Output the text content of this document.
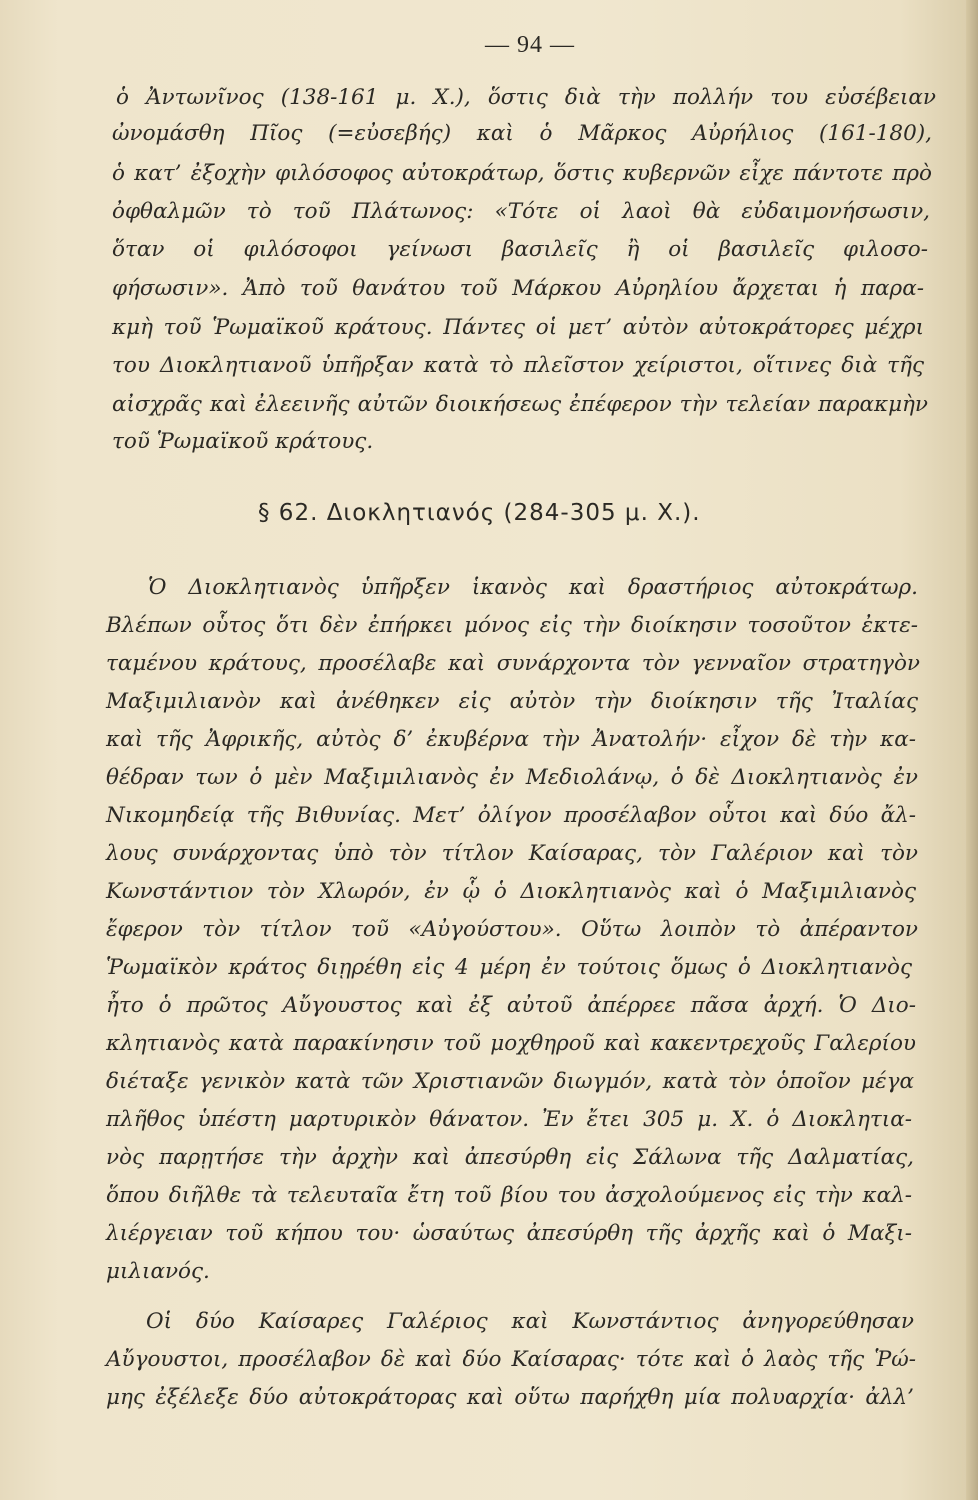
— 94 —
ὁ Ἀντωνῖνος (138-161 μ. Χ.), ὅστις διὰ τὴν πολλήν του εὐσέβειαν
ὠνομάσθη Πῖος (=εὐσεβής) καὶ ὁ Μᾶρκος Αὐρήλιος (161-180),
ὁ κατ’ ἐξοχὴν φιλόσοφος αὐτοκράτωρ, ὅστις κυβερνῶν εἶχε πάντοτε πρὸ
ὀφθαλμῶν τὸ τοῦ Πλάτωνος: «Τότε οἱ λαοὶ θὰ εὐδαιμονήσωσιν,
ὅταν οἱ φιλόσοφοι γείνωσι βασιλεῖς ἢ οἱ βασιλεῖς φιλοσο-
φήσωσιν». Ἀπὸ τοῦ θανάτου τοῦ Μάρκου Αὐρηλίου ἄρχεται ἡ παρα-
κμὴ τοῦ Ῥωμαϊκοῦ κράτους. Πάντες οἱ μετ’ αὐτὸν αὐτοκράτορες μέχρι
του Διοκλητιανοῦ ὑπῆρξαν κατὰ τὸ πλεῖστον χείριστοι, οἵτινες διὰ τῆς
αἰσχρᾶς καὶ ἐλεεινῆς αὐτῶν διοικήσεως ἐπέφερον τὴν τελείαν παρακμὴν
τοῦ Ῥωμαϊκοῦ κράτους.
§ 62. Διοκλητιανός (284-305 μ. Χ.).
Ὁ Διοκλητιανὸς ὑπῆρξεν ἱκανὸς καὶ δραστήριος αὐτοκράτωρ.
Βλέπων οὗτος ὅτι δὲν ἐπήρκει μόνος εἰς τὴν διοίκησιν τοσοῦτον ἐκτε-
ταμένου κράτους, προσέλαβε καὶ συνάρχοντα τὸν γενναῖον στρατηγὸν
Μαξιμιλιανὸν καὶ ἀνέθηκεν εἰς αὐτὸν τὴν διοίκησιν τῆς Ἰταλίας
καὶ τῆς Ἀφρικῆς, αὐτὸς δ’ ἐκυβέρνα τὴν Ἀνατολήν· εἶχον δὲ τὴν κα-
θέδραν των ὁ μὲν Μαξιμιλιανὸς ἐν Μεδιολάνῳ, ὁ δὲ Διοκλητιανὸς ἐν
Νικομηδείᾳ τῆς Βιθυνίας. Μετ’ ὀλίγον προσέλαβον οὗτοι καὶ δύο ἄλ-
λους συνάρχοντας ὑπὸ τὸν τίτλον Καίσαρας, τὸν Γαλέριον καὶ τὸν
Κωνστάντιον τὸν Χλωρόν, ἐν ᾧ ὁ Διοκλητιανὸς καὶ ὁ Μαξιμιλιανὸς
ἔφερον τὸν τίτλον τοῦ «Αὐγούστου». Οὕτω λοιπὸν τὸ ἀπέραντον
Ῥωμαϊκὸν κράτος διῃρέθη εἰς 4 μέρη ἐν τούτοις ὅμως ὁ Διοκλητιανὸς
ἦτο ὁ πρῶτος Αὔγουστος καὶ ἐξ αὐτοῦ ἀπέρρεε πᾶσα ἀρχή. Ὁ Διο-
κλητιανὸς κατὰ παρακίνησιν τοῦ μοχθηροῦ καὶ κακεντρεχοῦς Γαλερίου
διέταξε γενικὸν κατὰ τῶν Χριστιανῶν διωγμόν, κατὰ τὸν ὁποῖον μέγα
πλῆθος ὑπέστη μαρτυρικὸν θάνατον. Ἐν ἔτει 305 μ. Χ. ὁ Διοκλητια-
νὸς παρῃτήσε τὴν ἀρχὴν καὶ ἀπεσύρθη εἰς Σάλωνα τῆς Δαλματίας,
ὅπου διῆλθε τὰ τελευταῖα ἔτη τοῦ βίου του ἀσχολούμενος εἰς τὴν καλ-
λιέργειαν τοῦ κήπου του· ὡσαύτως ἀπεσύρθη τῆς ἀρχῆς καὶ ὁ Μαξι-
μιλιανός.
Οἱ δύο Καίσαρες Γαλέριος καὶ Κωνστάντιος ἀνηγορεύθησαν
Αὔγουστοι, προσέλαβον δὲ καὶ δύο Καίσαρας· τότε καὶ ὁ λαὸς τῆς Ῥώ-
μης ἐξέλεξε δύο αὐτοκράτορας καὶ οὕτω παρήχθη μία πολυαρχία· ἀλλ’
